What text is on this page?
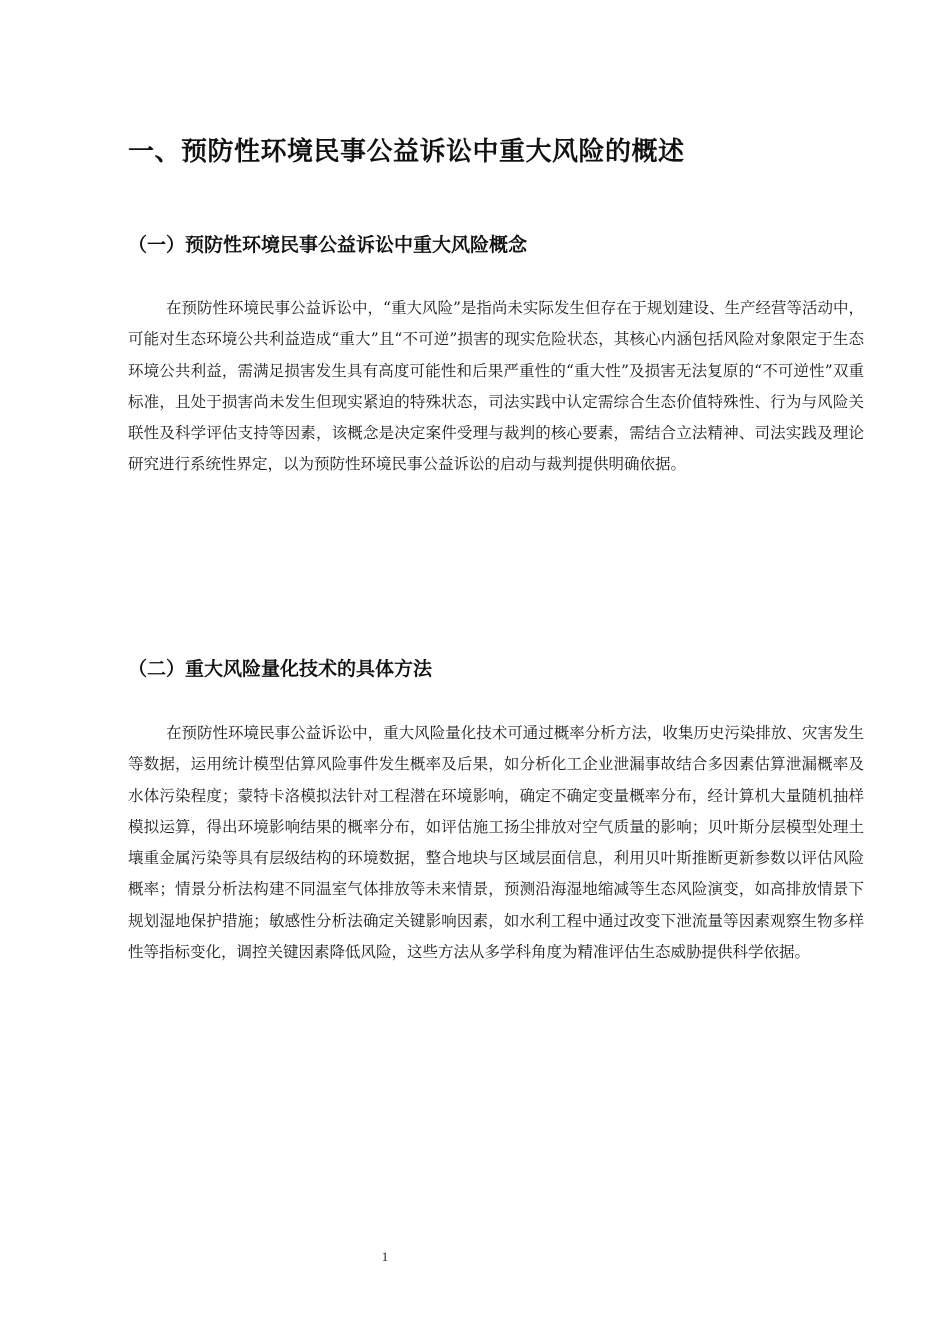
一、预防性环境民事公益诉讼中重大风险的概述
（一）预防性环境民事公益诉讼中重大风险概念

在预防性环境民事公益诉讼中，“重大风险”是指尚未实际发生但存在于规划建设、生产经营等活动中，可能对生态环境公共利益造成“重大”且“不可逆”损害的现实危险状态，其核心内涵包括风险对象限定于生态环境公共利益，需满足损害发生具有高度可能性和后果严重性的“重大性”及损害无法复原的“不可逆性”双重标准，且处于损害尚未发生但现实紧迫的特殊状态，司法实践中认定需综合生态价值特殊性、行为与风险关联性及科学评估支持等因素，该概念是决定案件受理与裁判的核心要素，需结合立法精神、司法实践及理论研究进行系统性界定，以为预防性环境民事公益诉讼的启动与裁判提供明确依据。

（二）重大风险量化技术的具体方法

在预防性环境民事公益诉讼中，重大风险量化技术可通过概率分析方法，收集历史污染排放、灾害发生等数据，运用统计模型估算风险事件发生概率及后果，如分析化工企业泄漏事故结合多因素估算泄漏概率及水体污染程度；蒙特卡洛模拟法针对工程潜在环境影响，确定不确定变量概率分布，经计算机大量随机抽样模拟运算，得出环境影响结果的概率分布，如评估施工扬尘排放对空气质量的影响；贝叶斯分层模型处理土壤重金属污染等具有层级结构的环境数据，整合地块与区域层面信息，利用贝叶斯推断更新参数以评估风险概率；情景分析法构建不同温室气体排放等未来情景，预测沿海湿地缩减等生态风险演变，如高排放情景下规划湿地保护措施；敏感性分析法确定关键影响因素，如水利工程中通过改变下泄流量等因素观察生物多样性等指标变化，调控关键因素降低风险，这些方法从多学科角度为精准评估生态威胁提供科学依据。

1
